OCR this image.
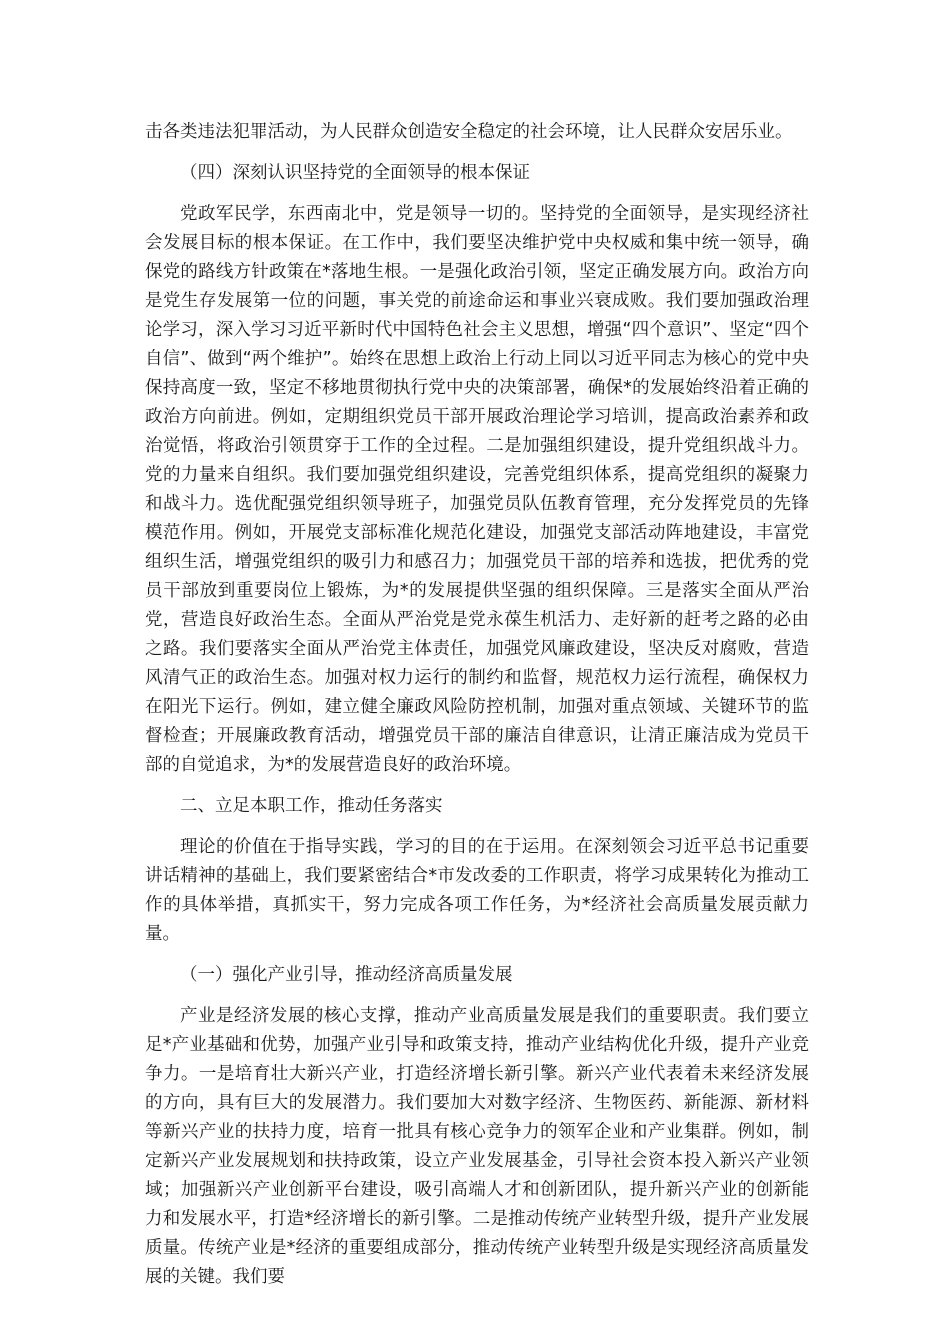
击各类违法犯罪活动，为人民群众创造安全稳定的社会环境，让人民群众安居乐业。

（四）深刻认识坚持党的全面领导的根本保证

党政军民学，东西南北中，党是领导一切的。坚持党的全面领导，是实现经济社会发展目标的根本保证。在工作中，我们要坚决维护党中央权威和集中统一领导，确保党的路线方针政策在*落地生根。一是强化政治引领，坚定正确发展方向。政治方向是党生存发展第一位的问题，事关党的前途命运和事业兴衰成败。我们要加强政治理论学习，深入学习习近平新时代中国特色社会主义思想，增强“四个意识”、坚定“四个自信”、做到“两个维护”。始终在思想上政治上行动上同以习近平同志为核心的党中央保持高度一致，坚定不移地贯彻执行党中央的决策部署，确保*的发展始终沿着正确的政治方向前进。例如，定期组织党员干部开展政治理论学习培训，提高政治素养和政治觉悟，将政治引领贯穿于工作的全过程。二是加强组织建设，提升党组织战斗力。党的力量来自组织。我们要加强党组织建设，完善党组织体系，提高党组织的凝聚力和战斗力。选优配强党组织领导班子，加强党员队伍教育管理，充分发挥党员的先锋模范作用。例如，开展党支部标准化规范化建设，加强党支部活动阵地建设，丰富党组织生活，增强党组织的吸引力和感召力；加强党员干部的培养和选拔，把优秀的党员干部放到重要岗位上锻炼，为*的发展提供坚强的组织保障。三是落实全面从严治党，营造良好政治生态。全面从严治党是党永葆生机活力、走好新的赶考之路的必由之路。我们要落实全面从严治党主体责任，加强党风廉政建设，坚决反对腐败，营造风清气正的政治生态。加强对权力运行的制约和监督，规范权力运行流程，确保权力在阳光下运行。例如，建立健全廉政风险防控机制，加强对重点领域、关键环节的监督检查；开展廉政教育活动，增强党员干部的廉洁自律意识，让清正廉洁成为党员干部的自觉追求，为*的发展营造良好的政治环境。

二、立足本职工作，推动任务落实

理论的价值在于指导实践，学习的目的在于运用。在深刻领会习近平总书记重要讲话精神的基础上，我们要紧密结合*市发改委的工作职责，将学习成果转化为推动工作的具体举措，真抓实干，努力完成各项工作任务，为*经济社会高质量发展贡献力量。

（一）强化产业引导，推动经济高质量发展

产业是经济发展的核心支撑，推动产业高质量发展是我们的重要职责。我们要立足*产业基础和优势，加强产业引导和政策支持，推动产业结构优化升级，提升产业竞争力。一是培育壮大新兴产业，打造经济增长新引擎。新兴产业代表着未来经济发展的方向，具有巨大的发展潜力。我们要加大对数字经济、生物医药、新能源、新材料等新兴产业的扶持力度，培育一批具有核心竞争力的领军企业和产业集群。例如，制定新兴产业发展规划和扶持政策，设立产业发展基金，引导社会资本投入新兴产业领域；加强新兴产业创新平台建设，吸引高端人才和创新团队，提升新兴产业的创新能力和发展水平，打造*经济增长的新引擎。二是推动传统产业转型升级，提升产业发展质量。传统产业是*经济的重要组成部分，推动传统产业转型升级是实现经济高质量发展的关键。我们要
